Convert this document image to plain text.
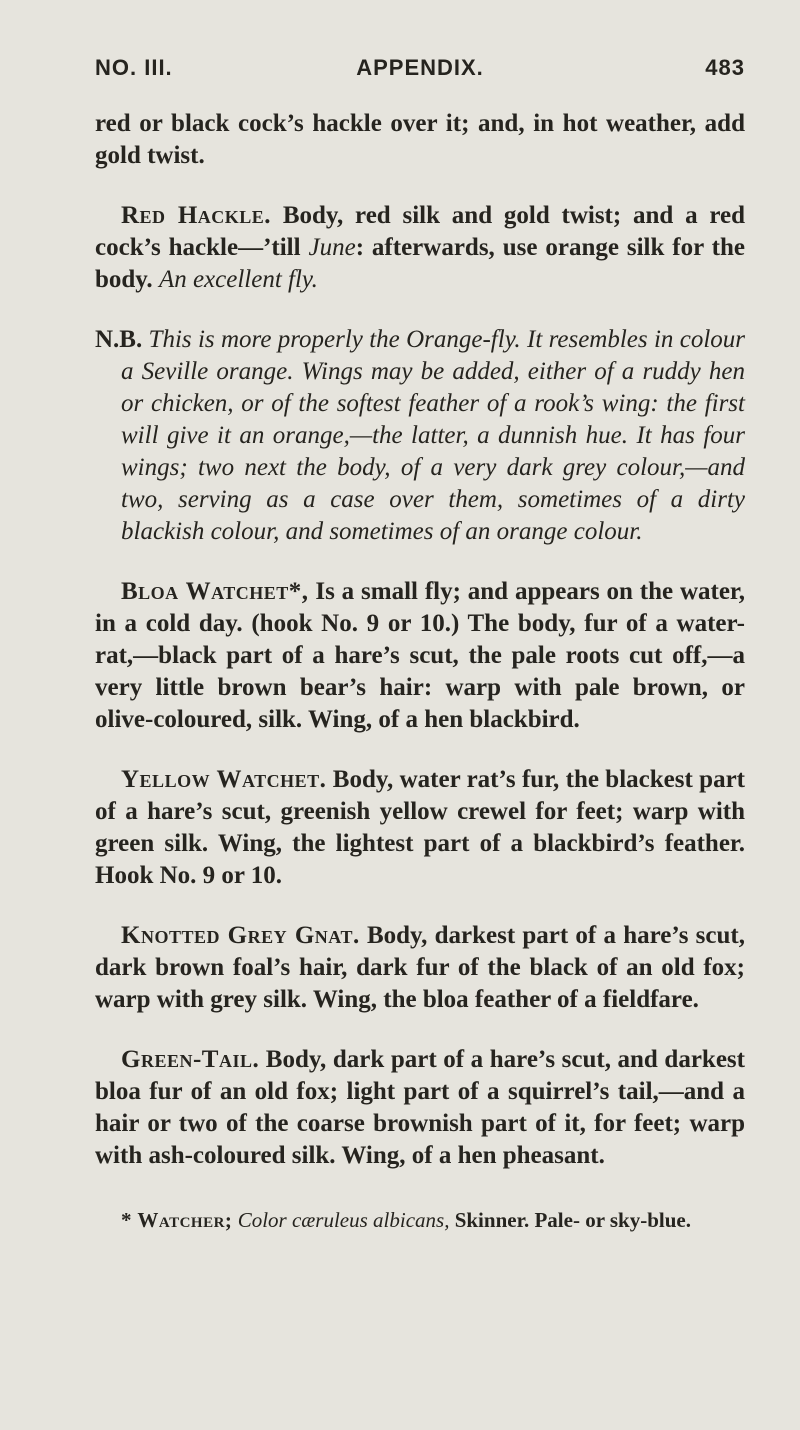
NO. III.	APPENDIX.	483

red or black cock’s hackle over it; and, in hot weather, add gold twist.

Red Hackle. Body, red silk and gold twist; and a red cock’s hackle—’till June: afterwards, use orange silk for the body. An excellent fly.

N.B. This is more properly the Orange-fly. It resembles in colour a Seville orange. Wings may be added, either of a ruddy hen or chicken, or of the softest feather of a rook’s wing: the first will give it an orange,—the latter, a dunnish hue. It has four wings; two next the body, of a very dark grey colour,—and two, serving as a case over them, sometimes of a dirty blackish colour, and sometimes of an orange colour.

Bloa Watchet*, Is a small fly; and appears on the water, in a cold day. (hook No. 9 or 10.) The body, fur of a water-rat,—black part of a hare’s scut, the pale roots cut off,—a very little brown bear’s hair: warp with pale brown, or olive-coloured, silk. Wing, of a hen blackbird.

Yellow Watchet. Body, water rat’s fur, the blackest part of a hare’s scut, greenish yellow crewel for feet; warp with green silk. Wing, the lightest part of a blackbird’s feather. Hook No. 9 or 10.

Knotted Grey Gnat. Body, darkest part of a hare’s scut, dark brown foal’s hair, dark fur of the black of an old fox; warp with grey silk. Wing, the bloa feather of a fieldfare.

Green-Tail. Body, dark part of a hare’s scut, and darkest bloa fur of an old fox; light part of a squirrel’s tail,—and a hair or two of the coarse brownish part of it, for feet; warp with ash-coloured silk. Wing, of a hen pheasant.

* Watcher; Color cæruleus albicans, Skinner. Pale- or sky-blue.
